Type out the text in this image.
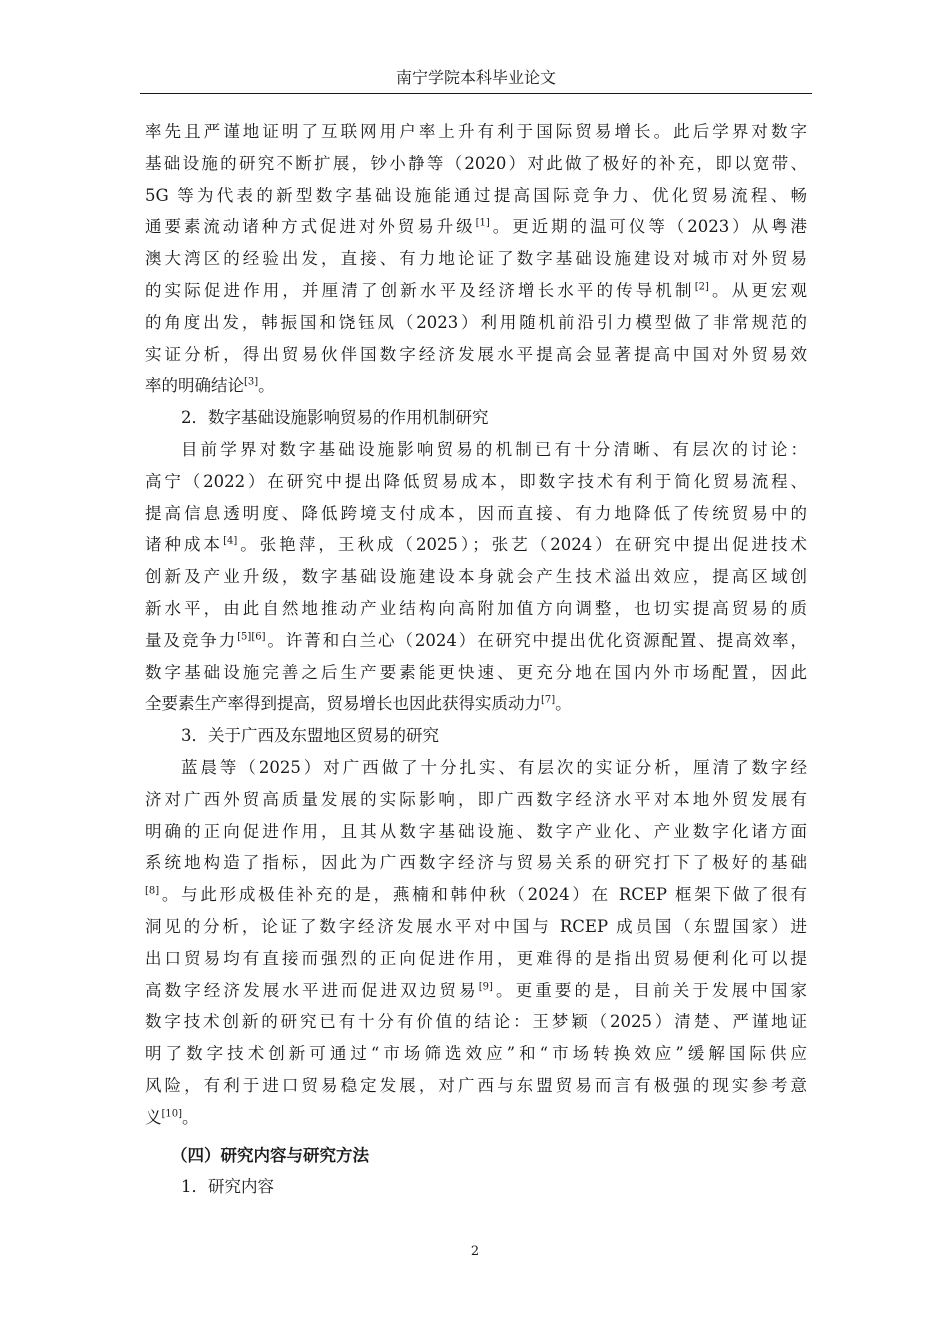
南宁学院本科毕业论文
率先且严谨地证明了互联网用户率上升有利于国际贸易增长。此后学界对数字
基础设施的研究不断扩展，钞小静等（2020）对此做了极好的补充，即以宽带、
5G 等为代表的新型数字基础设施能通过提高国际竞争力、优化贸易流程、畅
通要素流动诸种方式促进对外贸易升级[1]。更近期的温可仪等（2023）从粤港
澳大湾区的经验出发，直接、有力地论证了数字基础设施建设对城市对外贸易
的实际促进作用，并厘清了创新水平及经济增长水平的传导机制[2]。从更宏观
的角度出发，韩振国和饶钰凤（2023）利用随机前沿引力模型做了非常规范的
实证分析，得出贸易伙伴国数字经济发展水平提高会显著提高中国对外贸易效
率的明确结论[3]。
2．数字基础设施影响贸易的作用机制研究
目前学界对数字基础设施影响贸易的机制已有十分清晰、有层次的讨论：
高宁（2022）在研究中提出降低贸易成本，即数字技术有利于简化贸易流程、
提高信息透明度、降低跨境支付成本，因而直接、有力地降低了传统贸易中的
诸种成本[4]。张艳萍，王秋成（2025）；张艺（2024）在研究中提出促进技术
创新及产业升级，数字基础设施建设本身就会产生技术溢出效应，提高区域创
新水平，由此自然地推动产业结构向高附加值方向调整，也切实提高贸易的质
量及竞争力[5][6]。许菁和白兰心（2024）在研究中提出优化资源配置、提高效率，
数字基础设施完善之后生产要素能更快速、更充分地在国内外市场配置，因此
全要素生产率得到提高，贸易增长也因此获得实质动力[7]。
3．关于广西及东盟地区贸易的研究
蓝晨等（2025）对广西做了十分扎实、有层次的实证分析，厘清了数字经
济对广西外贸高质量发展的实际影响，即广西数字经济水平对本地外贸发展有
明确的正向促进作用，且其从数字基础设施、数字产业化、产业数字化诸方面
系统地构造了指标，因此为广西数字经济与贸易关系的研究打下了极好的基础
[8]。与此形成极佳补充的是，燕楠和韩仲秋（2024）在 RCEP 框架下做了很有
洞见的分析，论证了数字经济发展水平对中国与 RCEP 成员国（东盟国家）进
出口贸易均有直接而强烈的正向促进作用，更难得的是指出贸易便利化可以提
高数字经济发展水平进而促进双边贸易[9]。更重要的是，目前关于发展中国家
数字技术创新的研究已有十分有价值的结论：王梦颖（2025）清楚、严谨地证
明了数字技术创新可通过“市场筛选效应”和“市场转换效应”缓解国际供应
风险，有利于进口贸易稳定发展，对广西与东盟贸易而言有极强的现实参考意
义[10]。
（四）研究内容与研究方法
1．研究内容
2
